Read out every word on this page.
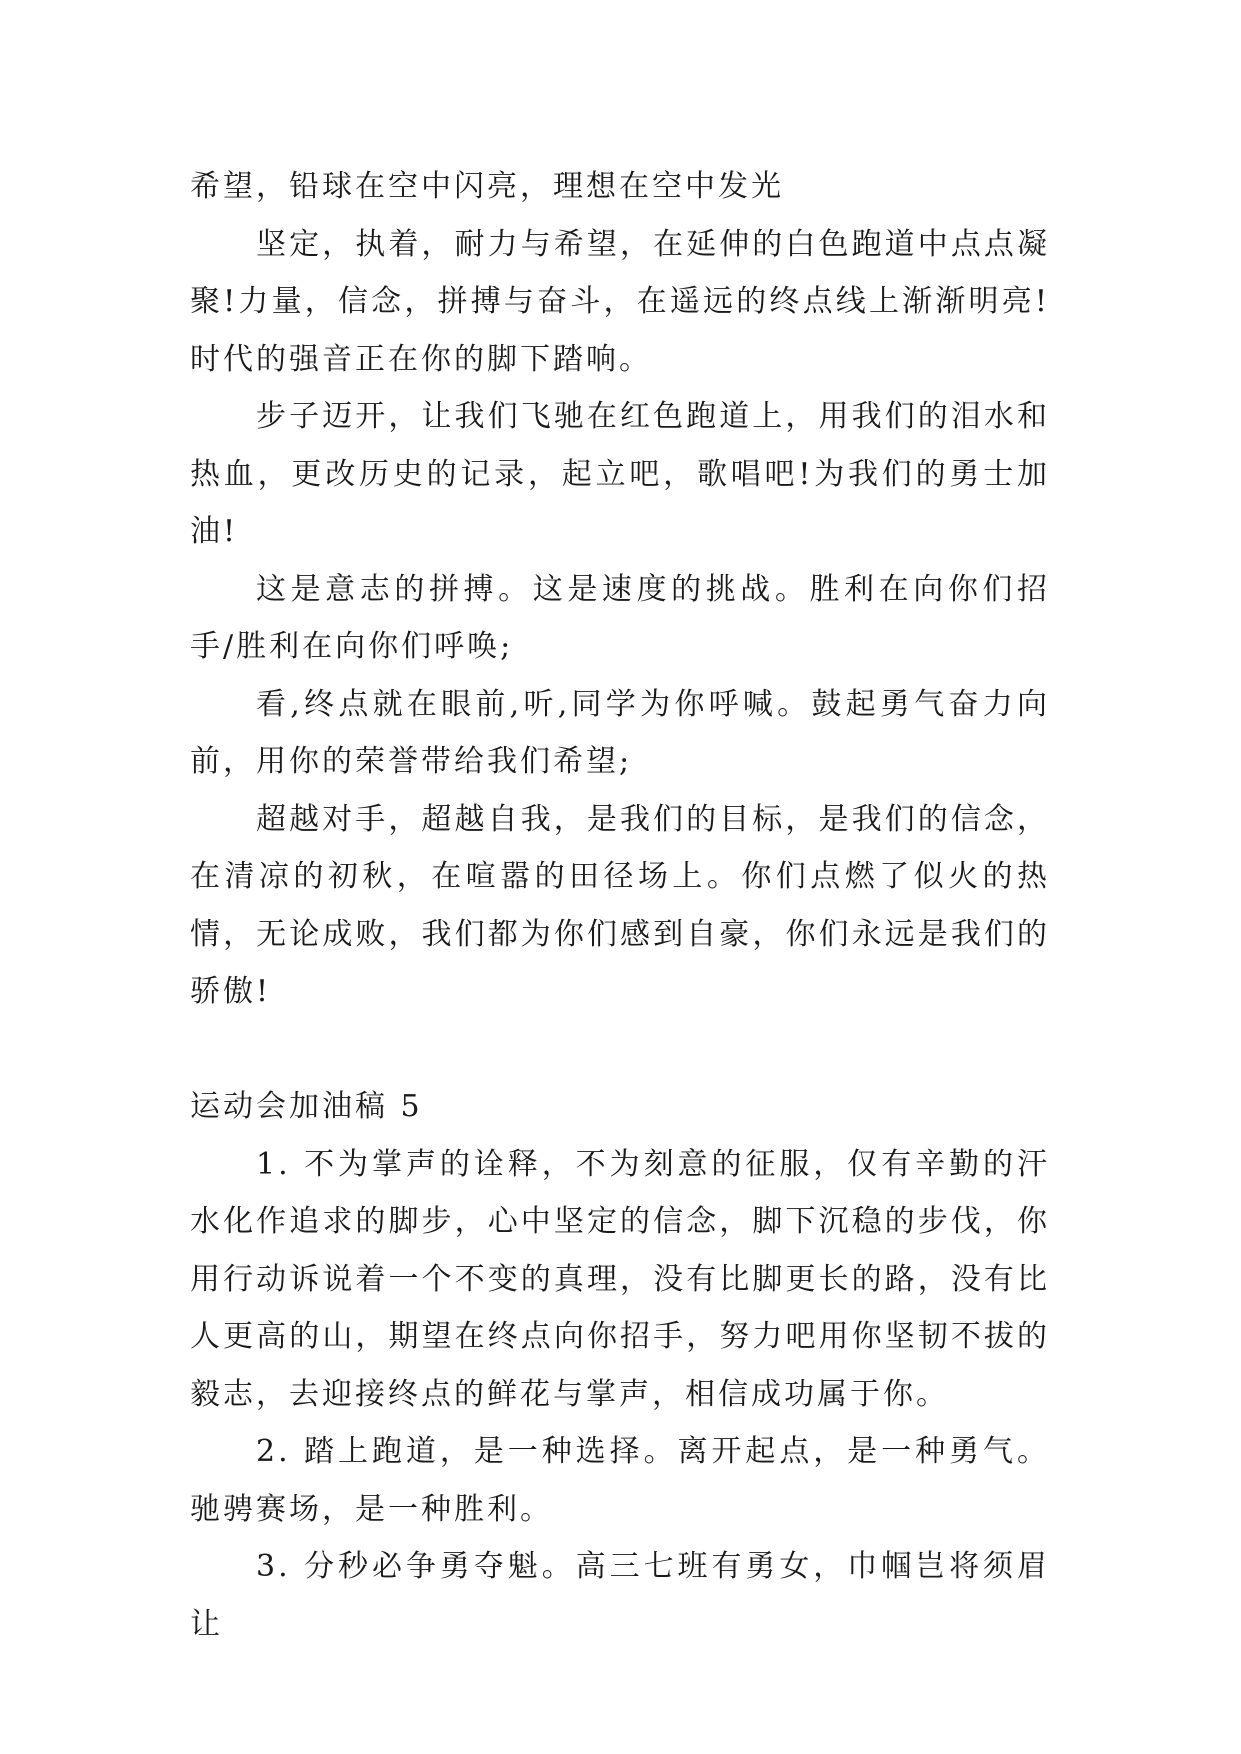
希望，铅球在空中闪亮，理想在空中发光

坚定，执着，耐力与希望，在延伸的白色跑道中点点凝聚!力量，信念，拼搏与奋斗，在遥远的终点线上渐渐明亮!时代的强音正在你的脚下踏响。

步子迈开，让我们飞驰在红色跑道上，用我们的泪水和热血，更改历史的记录，起立吧，歌唱吧!为我们的勇士加油!

这是意志的拼搏。这是速度的挑战。胜利在向你们招手/胜利在向你们呼唤;

看,终点就在眼前,听,同学为你呼喊。鼓起勇气奋力向前，用你的荣誉带给我们希望;

超越对手，超越自我，是我们的目标，是我们的信念，在清凉的初秋，在喧嚣的田径场上。你们点燃了似火的热情，无论成败，我们都为你们感到自豪，你们永远是我们的骄傲!

运动会加油稿 5

1. 不为掌声的诠释，不为刻意的征服，仅有辛勤的汗水化作追求的脚步，心中坚定的信念，脚下沉稳的步伐，你用行动诉说着一个不变的真理，没有比脚更长的路，没有比人更高的山，期望在终点向你招手，努力吧用你坚韧不拔的毅志，去迎接终点的鲜花与掌声，相信成功属于你。

2. 踏上跑道，是一种选择。离开起点，是一种勇气。驰骋赛场，是一种胜利。

3. 分秒必争勇夺魁。高三七班有勇女，巾帼岂将须眉让
